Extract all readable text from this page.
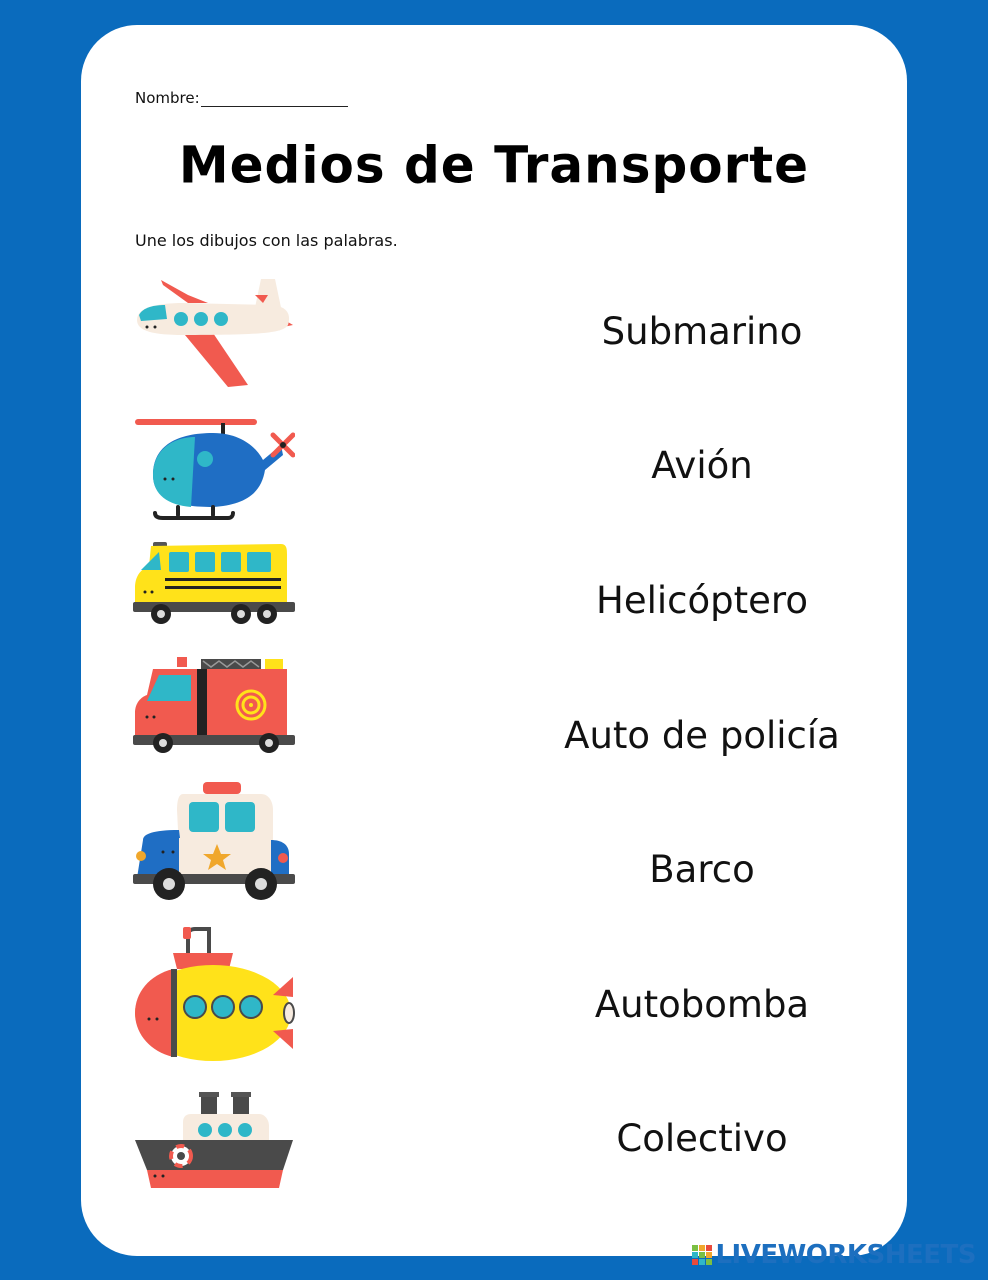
Nombre:
Medios de Transporte
Une los dibujos con las palabras.
Submarino
Avión
Helicóptero
Auto de policía
Barco
Autobomba
Colectivo
LIVEWORKSHEETS
